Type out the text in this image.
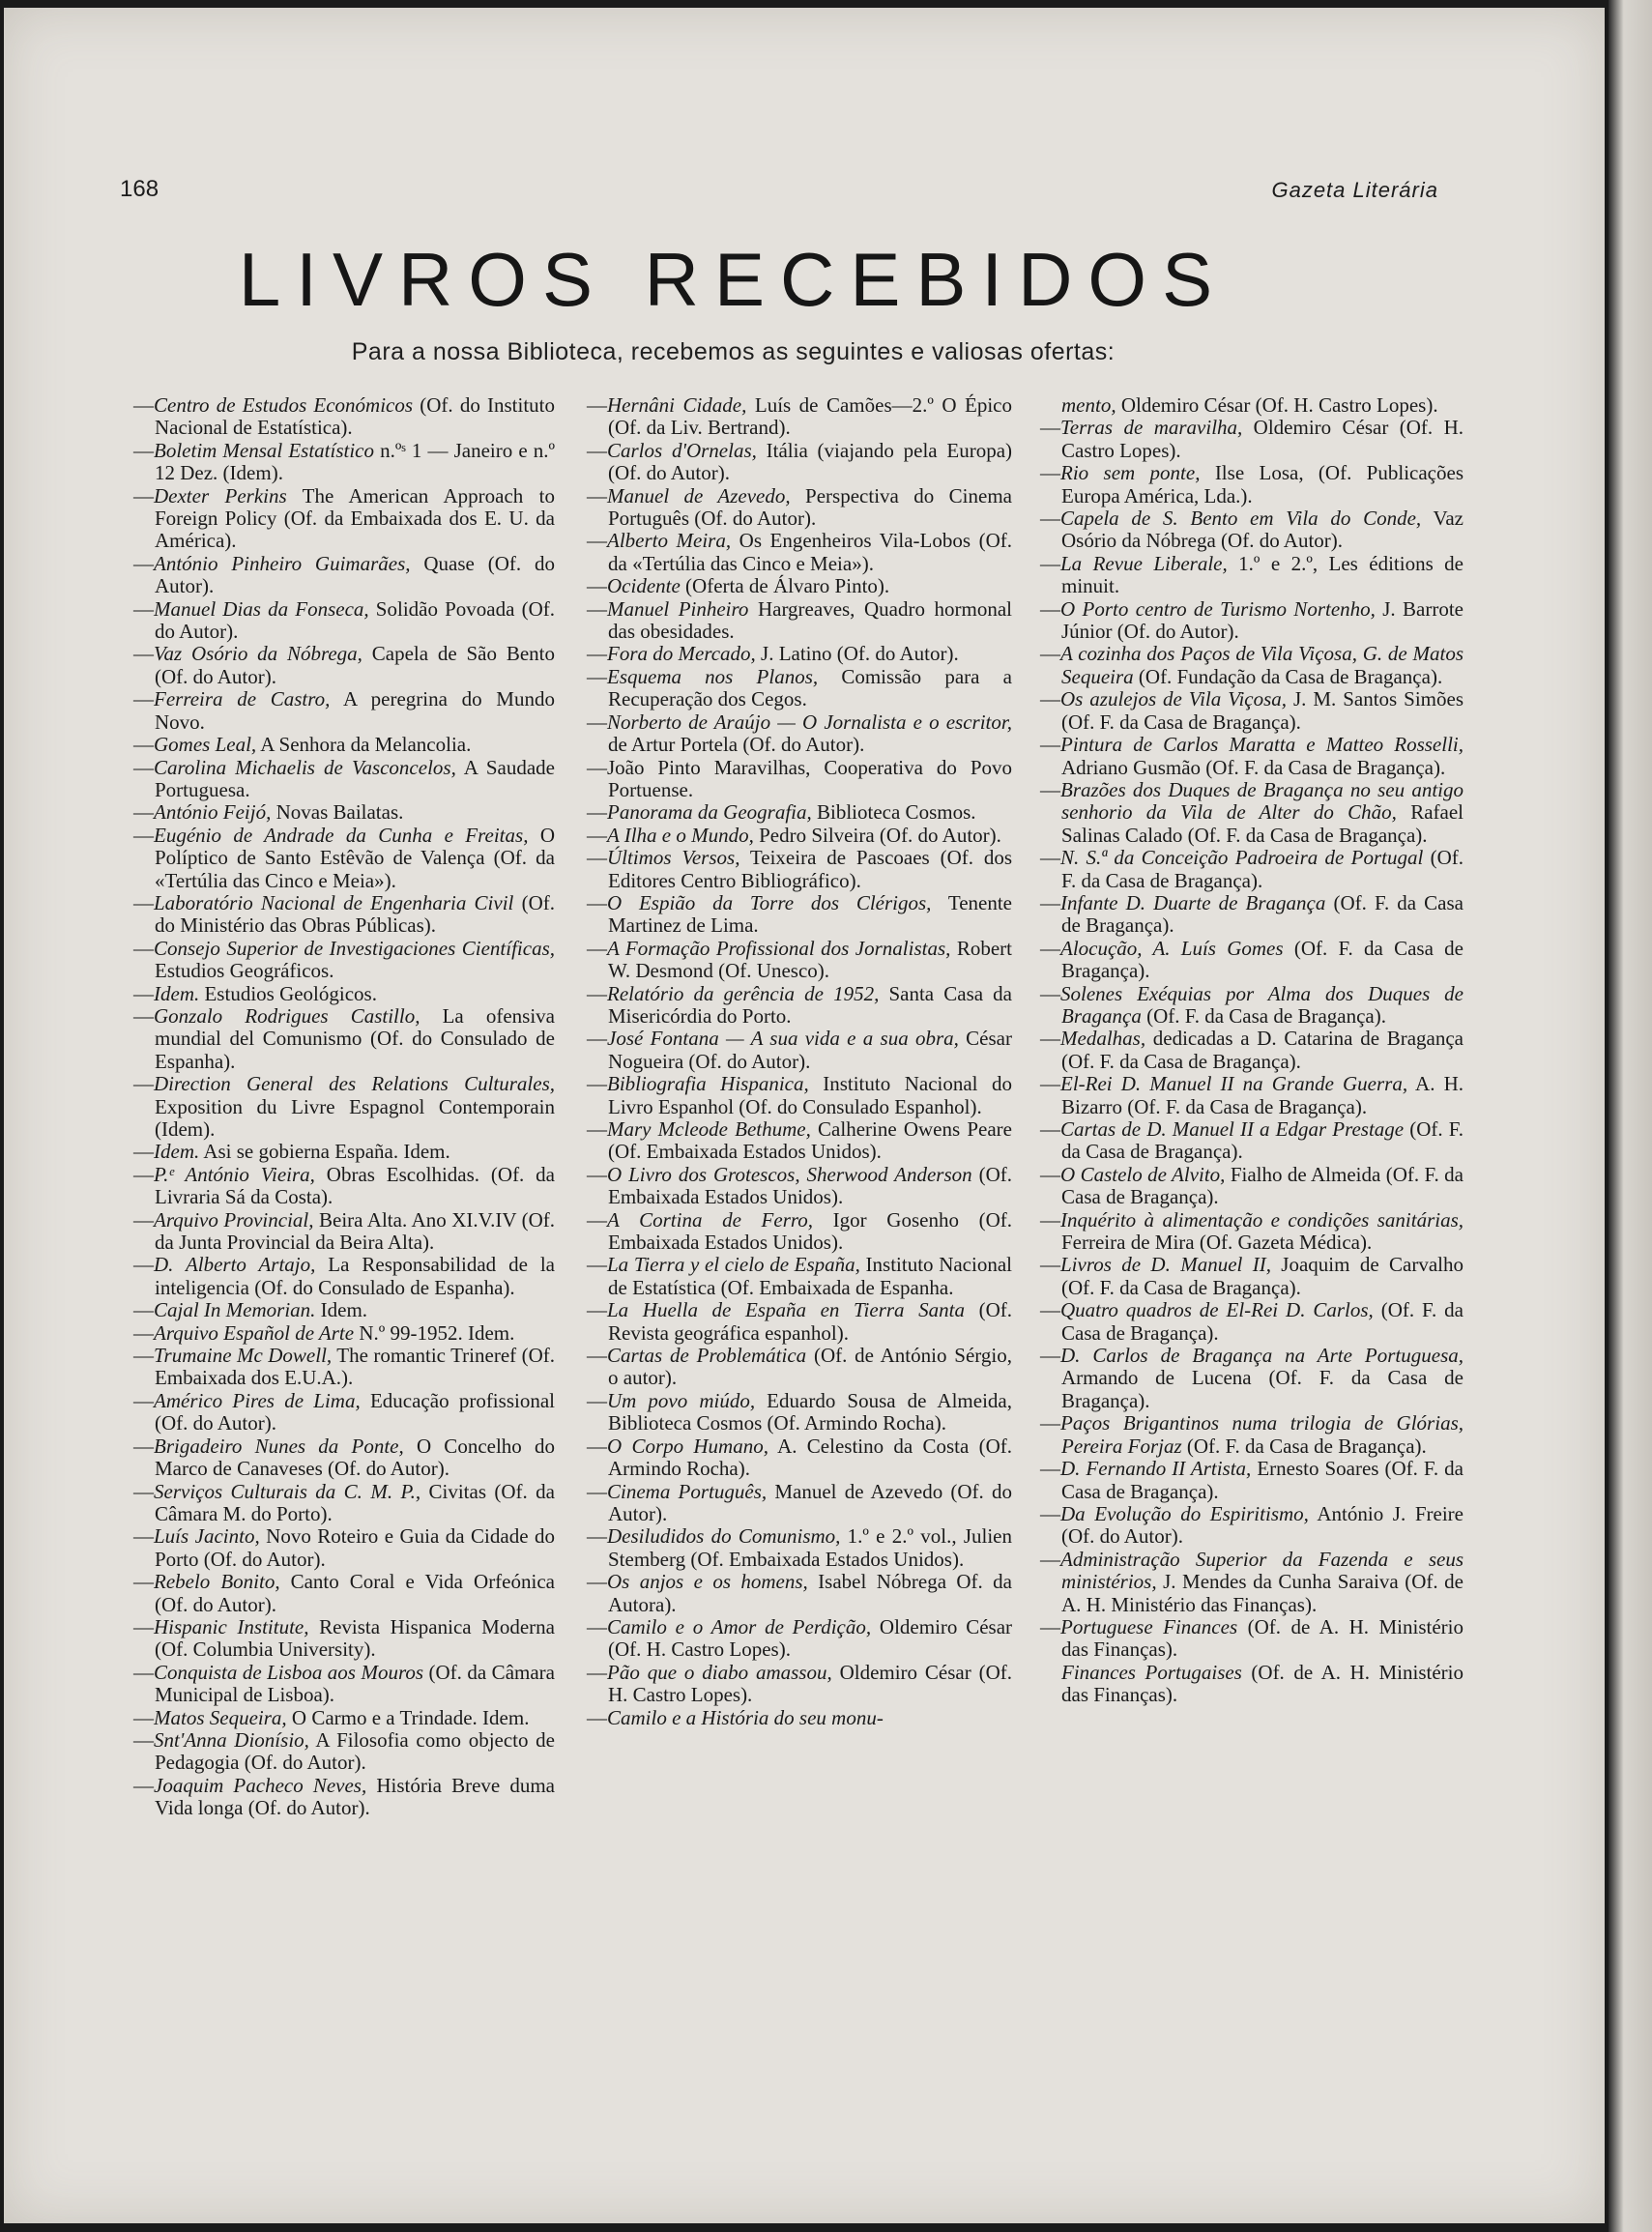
168	Gazeta Literária
LIVROS RECEBIDOS
Para a nossa Biblioteca, recebemos as seguintes e valiosas ofertas:

—Centro de Estudos Económicos (Of. do Instituto Nacional de Estatística).

—Boletim Mensal Estatístico n.ºˢ 1 — Janeiro e n.º 12 Dez. (Idem).

—Dexter Perkins The American Approach to Foreign Policy (Of. da Embaixada dos E. U. da América).

—António Pinheiro Guimarães, Quase (Of. do Autor).

—Manuel Dias da Fonseca, Solidão Povoada (Of. do Autor).

—Vaz Osório da Nóbrega, Capela de São Bento (Of. do Autor).

—Ferreira de Castro, A peregrina do Mundo Novo.

—Gomes Leal, A Senhora da Melancolia.

—Carolina Michaelis de Vasconcelos, A Saudade Portuguesa.

—António Feijó, Novas Bailatas.

—Eugénio de Andrade da Cunha e Freitas, O Políptico de Santo Estêvão de Valença (Of. da «Tertúlia das Cinco e Meia»).

—Laboratório Nacional de Engenharia Civil (Of. do Ministério das Obras Públicas).

—Consejo Superior de Investigaciones Científicas, Estudios Geográficos.

—Idem. Estudios Geológicos.

—Gonzalo Rodrigues Castillo, La ofensiva mundial del Comunismo (Of. do Consulado de Espanha).

—Direction General des Relations Culturales, Exposition du Livre Espagnol Contemporain (Idem).

—Idem. Asi se gobierna España. Idem.

—P.ᵉ António Vieira, Obras Escolhidas. (Of. da Livraria Sá da Costa).

—Arquivo Provincial, Beira Alta. Ano XI.V.IV (Of. da Junta Provincial da Beira Alta).

—D. Alberto Artajo, La Responsabilidad de la inteligencia (Of. do Consulado de Espanha).

—Cajal In Memorian. Idem.

—Arquivo Español de Arte N.º 99-1952. Idem.

—Trumaine Mc Dowell, The romantic Trineref (Of. Embaixada dos E.U.A.).

—Américo Pires de Lima, Educação profissional (Of. do Autor).

—Brigadeiro Nunes da Ponte, O Concelho do Marco de Canaveses (Of. do Autor).

—Serviços Culturais da C. M. P., Civitas (Of. da Câmara M. do Porto).

—Luís Jacinto, Novo Roteiro e Guia da Cidade do Porto (Of. do Autor).

—Rebelo Bonito, Canto Coral e Vida Orfeónica (Of. do Autor).

—Hispanic Institute, Revista Hispanica Moderna (Of. Columbia University).

—Conquista de Lisboa aos Mouros (Of. da Câmara Municipal de Lisboa).

—Matos Sequeira, O Carmo e a Trindade. Idem.

—Snt'Anna Dionísio, A Filosofia como objecto de Pedagogia (Of. do Autor).

—Joaquim Pacheco Neves, História Breve duma Vida longa (Of. do Autor).

—Hernâni Cidade, Luís de Camões—2.º O Épico (Of. da Liv. Bertrand).

—Carlos d'Ornelas, Itália (viajando pela Europa) (Of. do Autor).

—Manuel de Azevedo, Perspectiva do Cinema Português (Of. do Autor).

—Alberto Meira, Os Engenheiros Vila-Lobos (Of. da «Tertúlia das Cinco e Meia»).

—Ocidente (Oferta de Álvaro Pinto).

—Manuel Pinheiro Hargreaves, Quadro hormonal das obesidades.

—Fora do Mercado, J. Latino (Of. do Autor).

—Esquema nos Planos, Comissão para a Recuperação dos Cegos.

—Norberto de Araújo — O Jornalista e o escritor, de Artur Portela (Of. do Autor).

—João Pinto Maravilhas, Cooperativa do Povo Portuense.

—Panorama da Geografia, Biblioteca Cosmos.

—A Ilha e o Mundo, Pedro Silveira (Of. do Autor).

—Últimos Versos, Teixeira de Pascoaes (Of. dos Editores Centro Bibliográfico).

—O Espião da Torre dos Clérigos, Tenente Martinez de Lima.

—A Formação Profissional dos Jornalistas, Robert W. Desmond (Of. Unesco).

—Relatório da gerência de 1952, Santa Casa da Misericórdia do Porto.

—José Fontana — A sua vida e a sua obra, César Nogueira (Of. do Autor).

—Bibliografia Hispanica, Instituto Nacional do Livro Espanhol (Of. do Consulado Espanhol).

—Mary Mcleode Bethume, Calherine Owens Peare (Of. Embaixada Estados Unidos).

—O Livro dos Grotescos, Sherwood Anderson (Of. Embaixada Estados Unidos).

—A Cortina de Ferro, Igor Gosenho (Of. Embaixada Estados Unidos).

—La Tierra y el cielo de España, Instituto Nacional de Estatística (Of. Embaixada de Espanha.

—La Huella de España en Tierra Santa (Of. Revista geográfica espanhol).

—Cartas de Problemática (Of. de António Sérgio, o autor).

—Um povo miúdo, Eduardo Sousa de Almeida, Biblioteca Cosmos (Of. Armindo Rocha).

—O Corpo Humano, A. Celestino da Costa (Of. Armindo Rocha).

—Cinema Português, Manuel de Azevedo (Of. do Autor).

—Desiludidos do Comunismo, 1.º e 2.º vol., Julien Stemberg (Of. Embaixada Estados Unidos).

—Os anjos e os homens, Isabel Nóbrega Of. da Autora).

—Camilo e o Amor de Perdição, Oldemiro César (Of. H. Castro Lopes).

—Pão que o diabo amassou, Oldemiro César (Of. H. Castro Lopes).

—Camilo e a História do seu monu-

mento, Oldemiro César (Of. H. Castro Lopes).

—Terras de maravilha, Oldemiro César (Of. H. Castro Lopes).

—Rio sem ponte, Ilse Losa, (Of. Publicações Europa América, Lda.).

—Capela de S. Bento em Vila do Conde, Vaz Osório da Nóbrega (Of. do Autor).

—La Revue Liberale, 1.º e 2.º, Les éditions de minuit.

—O Porto centro de Turismo Nortenho, J. Barrote Júnior (Of. do Autor).

—A cozinha dos Paços de Vila Viçosa, G. de Matos Sequeira (Of. Fundação da Casa de Bragança).

—Os azulejos de Vila Viçosa, J. M. Santos Simões (Of. F. da Casa de Bragança).

—Pintura de Carlos Maratta e Matteo Rosselli, Adriano Gusmão (Of. F. da Casa de Bragança).

—Brazões dos Duques de Bragança no seu antigo senhorio da Vila de Alter do Chão, Rafael Salinas Calado (Of. F. da Casa de Bragança).

—N. S.ª da Conceição Padroeira de Portugal (Of. F. da Casa de Bragança).

—Infante D. Duarte de Bragança (Of. F. da Casa de Bragança).

—Alocução, A. Luís Gomes (Of. F. da Casa de Bragança).

—Solenes Exéquias por Alma dos Duques de Bragança (Of. F. da Casa de Bragança).

—Medalhas, dedicadas a D. Catarina de Bragança (Of. F. da Casa de Bragança).

—El-Rei D. Manuel II na Grande Guerra, A. H. Bizarro (Of. F. da Casa de Bragança).

—Cartas de D. Manuel II a Edgar Prestage (Of. F. da Casa de Bragança).

—O Castelo de Alvito, Fialho de Almeida (Of. F. da Casa de Bragança).

—Inquérito à alimentação e condições sanitárias, Ferreira de Mira (Of. Gazeta Médica).

—Livros de D. Manuel II, Joaquim de Carvalho (Of. F. da Casa de Bragança).

—Quatro quadros de El-Rei D. Carlos, (Of. F. da Casa de Bragança).

—D. Carlos de Bragança na Arte Portuguesa, Armando de Lucena (Of. F. da Casa de Bragança).

—Paços Brigantinos numa trilogia de Glórias, Pereira Forjaz (Of. F. da Casa de Bragança).

—D. Fernando II Artista, Ernesto Soares (Of. F. da Casa de Bragança).

—Da Evolução do Espiritismo, António J. Freire (Of. do Autor).

—Administração Superior da Fazenda e seus ministérios, J. Mendes da Cunha Saraiva (Of. de A. H. Ministério das Finanças).

—Portuguese Finances (Of. de A. H. Ministério das Finanças).

Finances Portugaises (Of. de A. H. Ministério das Finanças).
